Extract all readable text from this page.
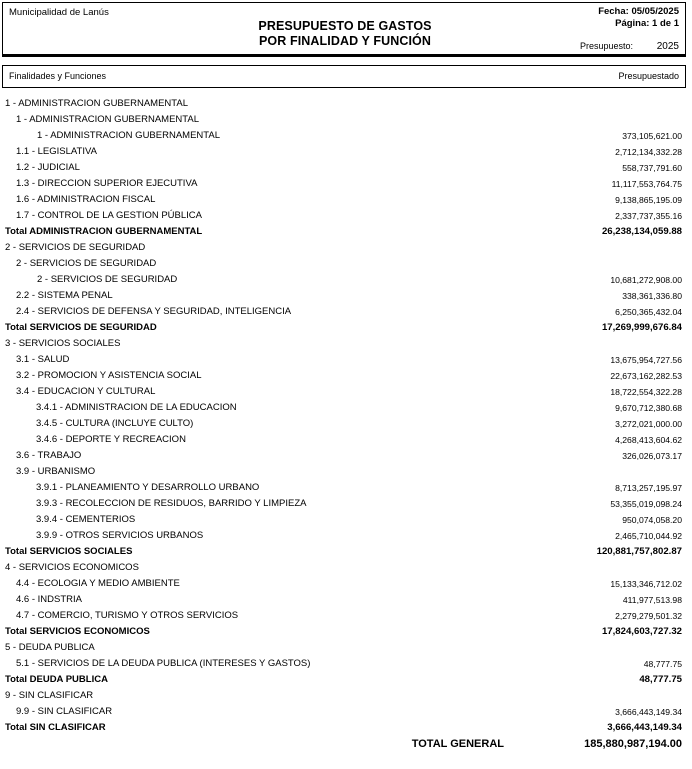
Municipalidad de Lanús
PRESUPUESTO DE GASTOS
POR FINALIDAD Y FUNCIÓN
Fecha: 05/05/2025
Página: 1 de 1
Presupuesto: 2025
Finalidades y Funciones	Presupuestado
1 - ADMINISTRACION GUBERNAMENTAL
1 - ADMINISTRACION GUBERNAMENTAL
1 - ADMINISTRACION GUBERNAMENTAL	373,105,621.00
1.1 - LEGISLATIVA	2,712,134,332.28
1.2 - JUDICIAL	558,737,791.60
1.3 - DIRECCION SUPERIOR EJECUTIVA	11,117,553,764.75
1.6 - ADMINISTRACION FISCAL	9,138,865,195.09
1.7 - CONTROL DE LA GESTION PÚBLICA	2,337,737,355.16
Total ADMINISTRACION GUBERNAMENTAL	26,238,134,059.88
2 - SERVICIOS DE SEGURIDAD
2 - SERVICIOS DE SEGURIDAD
2 - SERVICIOS DE SEGURIDAD	10,681,272,908.00
2.2 - SISTEMA PENAL	338,361,336.80
2.4 - SERVICIOS DE DEFENSA Y SEGURIDAD, INTELIGENCIA	6,250,365,432.04
Total SERVICIOS DE SEGURIDAD	17,269,999,676.84
3 - SERVICIOS SOCIALES
3.1 - SALUD	13,675,954,727.56
3.2 - PROMOCION Y ASISTENCIA SOCIAL	22,673,162,282.53
3.4 - EDUCACION Y CULTURAL	18,722,554,322.28
3.4.1 - ADMINISTRACION DE LA EDUCACION	9,670,712,380.68
3.4.5 - CULTURA (INCLUYE CULTO)	3,272,021,000.00
3.4.6 - DEPORTE Y RECREACION	4,268,413,604.62
3.6 - TRABAJO	326,026,073.17
3.9 - URBANISMO
3.9.1 - PLANEAMIENTO Y DESARROLLO URBANO	8,713,257,195.97
3.9.3 - RECOLECCION DE RESIDUOS, BARRIDO Y LIMPIEZA	53,355,019,098.24
3.9.4 - CEMENTERIOS	950,074,058.20
3.9.9 - OTROS SERVICIOS URBANOS	2,465,710,044.92
Total SERVICIOS SOCIALES	120,881,757,802.87
4 - SERVICIOS ECONOMICOS
4.4 - ECOLOGIA Y MEDIO AMBIENTE	15,133,346,712.02
4.6 - INDSTRIA	411,977,513.98
4.7 - COMERCIO, TURISMO Y OTROS SERVICIOS	2,279,279,501.32
Total SERVICIOS ECONOMICOS	17,824,603,727.32
5 - DEUDA PUBLICA
5.1 - SERVICIOS DE LA DEUDA PUBLICA (INTERESES Y GASTOS)	48,777.75
Total DEUDA PUBLICA	48,777.75
9 - SIN CLASIFICAR
9.9 - SIN CLASIFICAR	3,666,443,149.34
Total SIN CLASIFICAR	3,666,443,149.34
TOTAL GENERAL	185,880,987,194.00
